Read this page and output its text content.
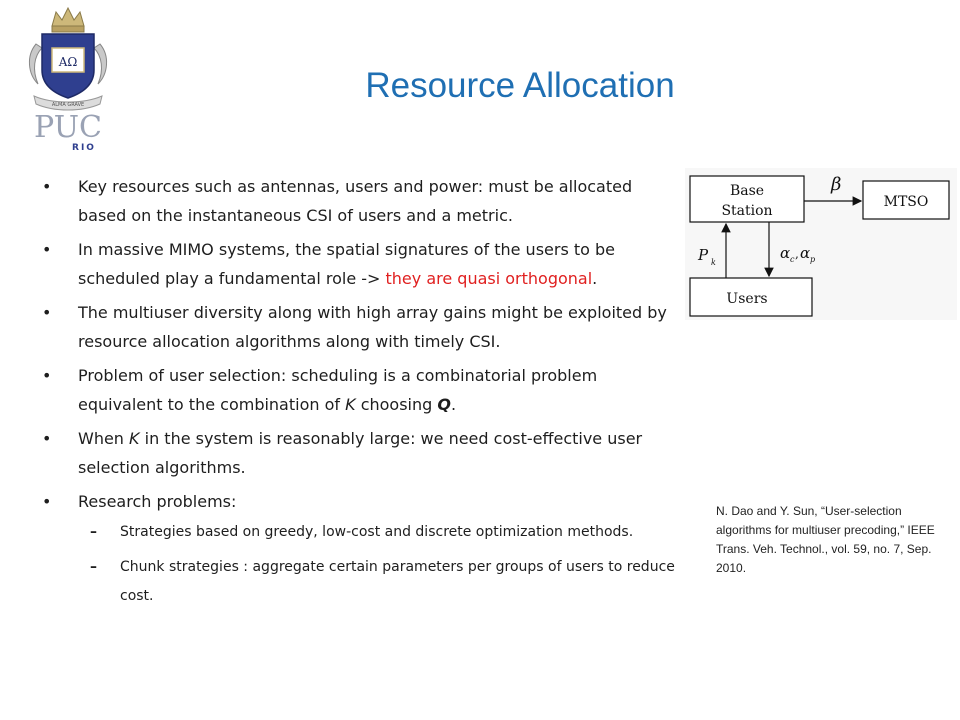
AΩ
ALMA GRAVE
PUC
RIO
Resource Allocation
• Key resources such as antennas, users and power: must be allocated based on the instantaneous CSI of users and a metric.
• In massive MIMO systems, the spatial signatures of the users to be scheduled play a fundamental role -> they are quasi orthogonal.
• The multiuser diversity along with high array gains might be exploited by resource allocation algorithms along with timely CSI.
• Problem of user selection: scheduling is a combinatorial problem equivalent to the combination of K choosing Q.
• When K in the system is reasonably large: we need cost-effective user selection algorithms.
• Research problems:
– Strategies based on greedy, low-cost and discrete optimization methods.
– Chunk strategies : aggregate certain parameters per groups of users to reduce cost.
Base
Station
MTSO
Users
β
P k
α c , α p
N. Dao and Y. Sun, “User-selection algorithms for multiuser precoding,” IEEE Trans. Veh. Technol., vol. 59, no. 7, Sep. 2010.
